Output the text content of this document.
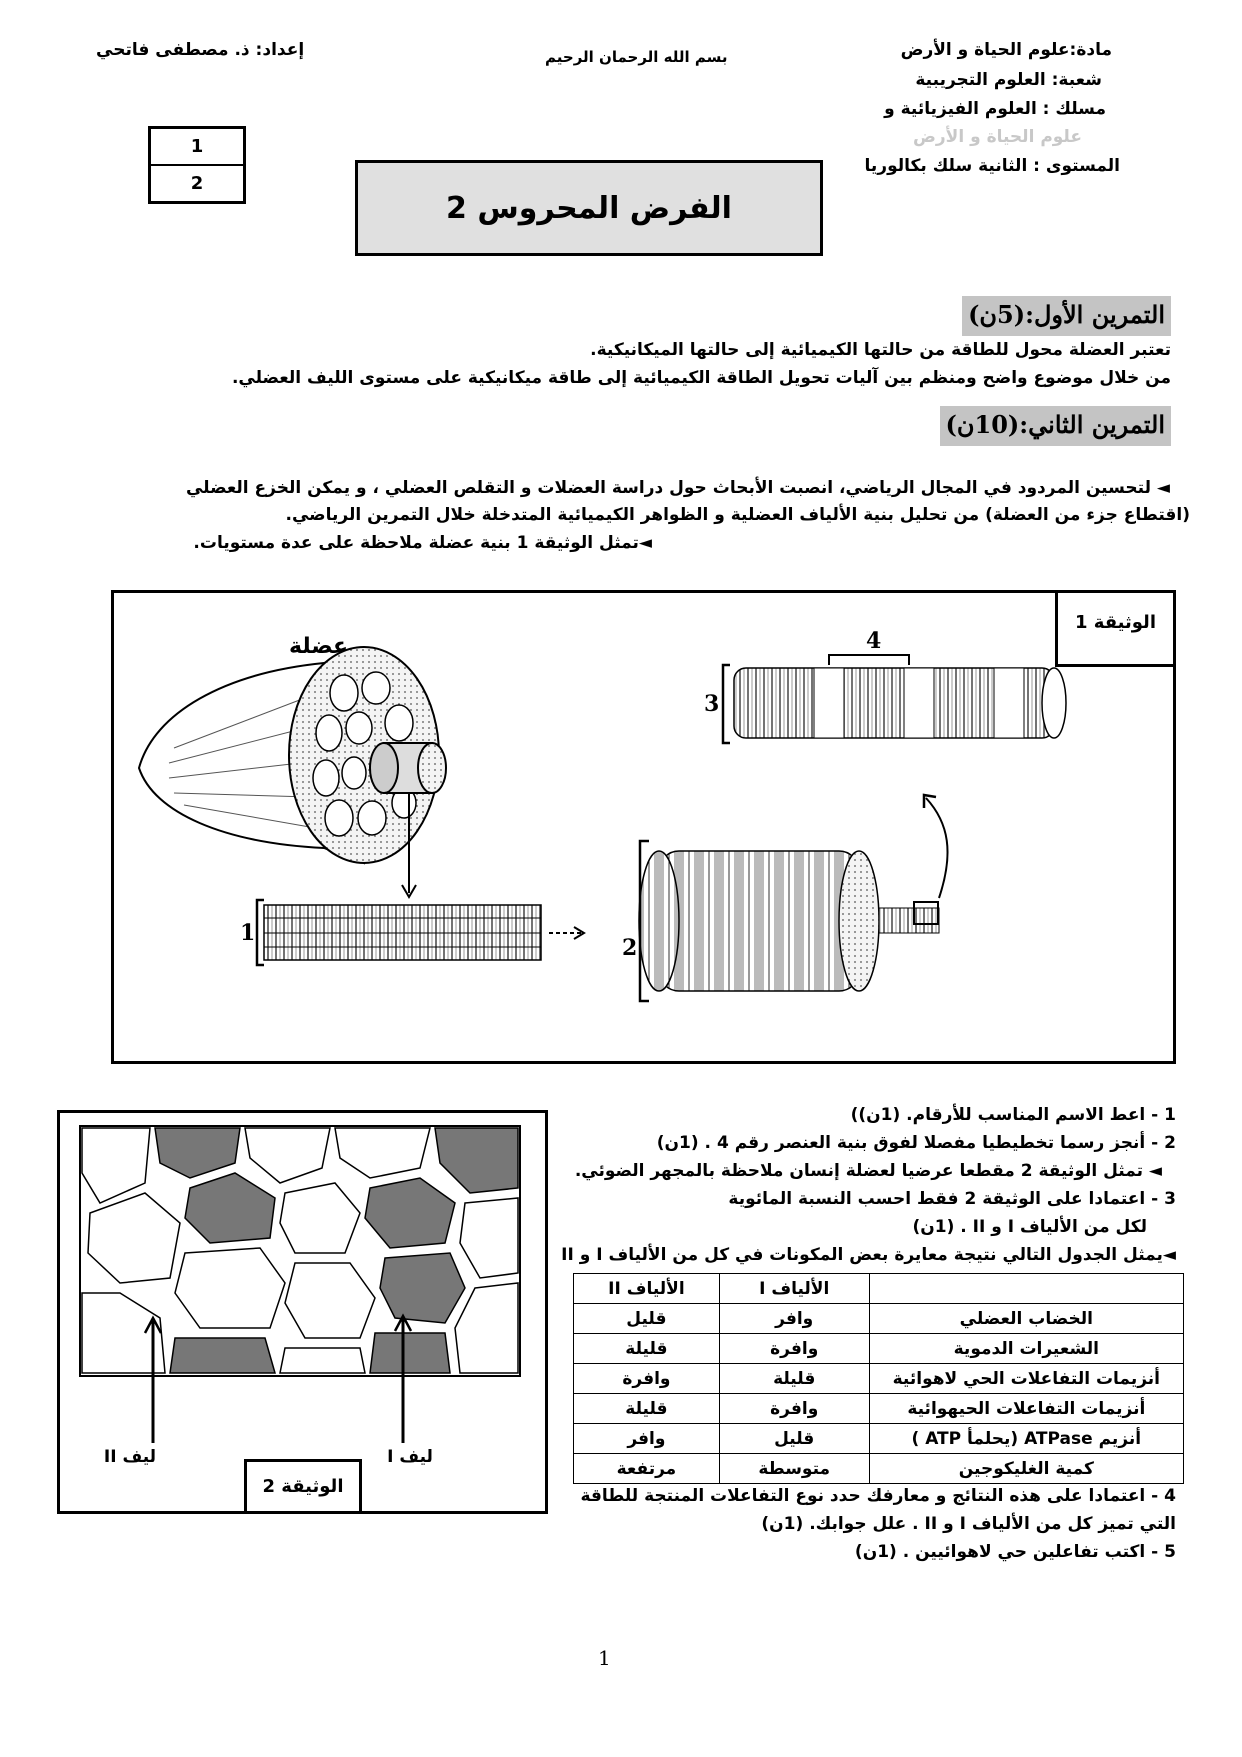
مادة:علوم الحياة و الأرض
شعبة: العلوم التجريبية
مسلك : العلوم الفيزيائية و
علوم الحياة و الأرض
المستوى : الثانية سلك بكالوريا
بسم الله الرحمان الرحيم
إعداد: ذ. مصطفى فاتحي
1
2
الفرض المحروس 2
التمرين الأول:(5ن)
تعتبر العضلة محول للطاقة من حالتها الكيميائية إلى حالتها الميكانيكية.
من خلال موضوع واضح ومنظم بين آليات تحويل الطاقة الكيميائية إلى طاقة ميكانيكية على مستوى الليف العضلي.
التمرين الثاني:(10ن)
◄ لتحسين المردود في المجال الرياضي، انصبت الأبحاث حول دراسة العضلات و التقلص العضلي ، و يمكن الخزع العضلي
(اقتطاع جزء من العضلة) من تحليل بنية الألياف العضلية و الظواهر الكيميائية المتدخلة خلال التمرين الرياضي.
◄تمثل الوثيقة 1 بنية عضلة ملاحظة على عدة مستويات.
الوثيقة 1
عضلة
1
2
3
4
ليف II	ليف I
الوثيقة 2
1 - اعط الاسم المناسب للأرقام. (1ن))
2 - أنجز رسما تخطيطيا مفصلا لفوق بنية العنصر رقم 4 . (1ن)
◄ تمثل الوثيقة 2 مقطعا عرضيا لعضلة إنسان ملاحظة بالمجهر الضوئي.
3 - اعتمادا على الوثيقة 2 فقط احسب النسبة المائوية
لكل من الألياف I و II . (1ن)
◄يمثل الجدول التالي نتيجة معايرة بعض المكونات في كل من الألياف I و II
	الألياف I	الألياف II
الخضاب العضلي	وافر	قليل
الشعيرات الدموية	وافرة	قليلة
أنزيمات التفاعلات الحي لاهوائية	قليلة	وافرة
أنزيمات التفاعلات الحيهوائية	وافرة	قليلة
أنزيم ATPase (يحلمأ ATP )	قليل	وافر
كمية الغليكوجين	متوسطة	مرتفعة
4 - اعتمادا على هذه النتائج و معارفك حدد نوع التفاعلات المنتجة للطاقة
التي تميز كل من الألياف I و II . علل جوابك. (1ن)
5 - اكتب تفاعلين حي لاهوائيين . (1ن)
1
